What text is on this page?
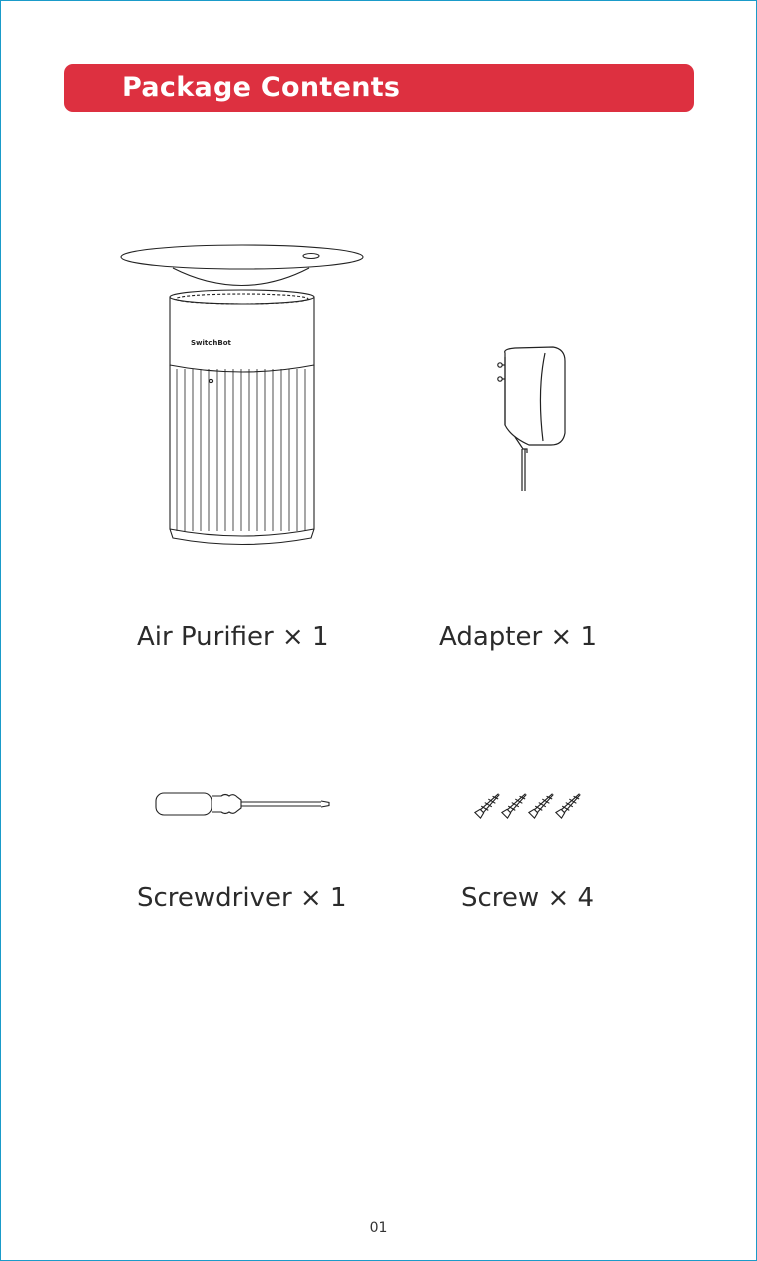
Package Contents
SwitchBot

Air Purifier × 1	Adapter × 1

Screwdriver × 1	Screw × 4

01
